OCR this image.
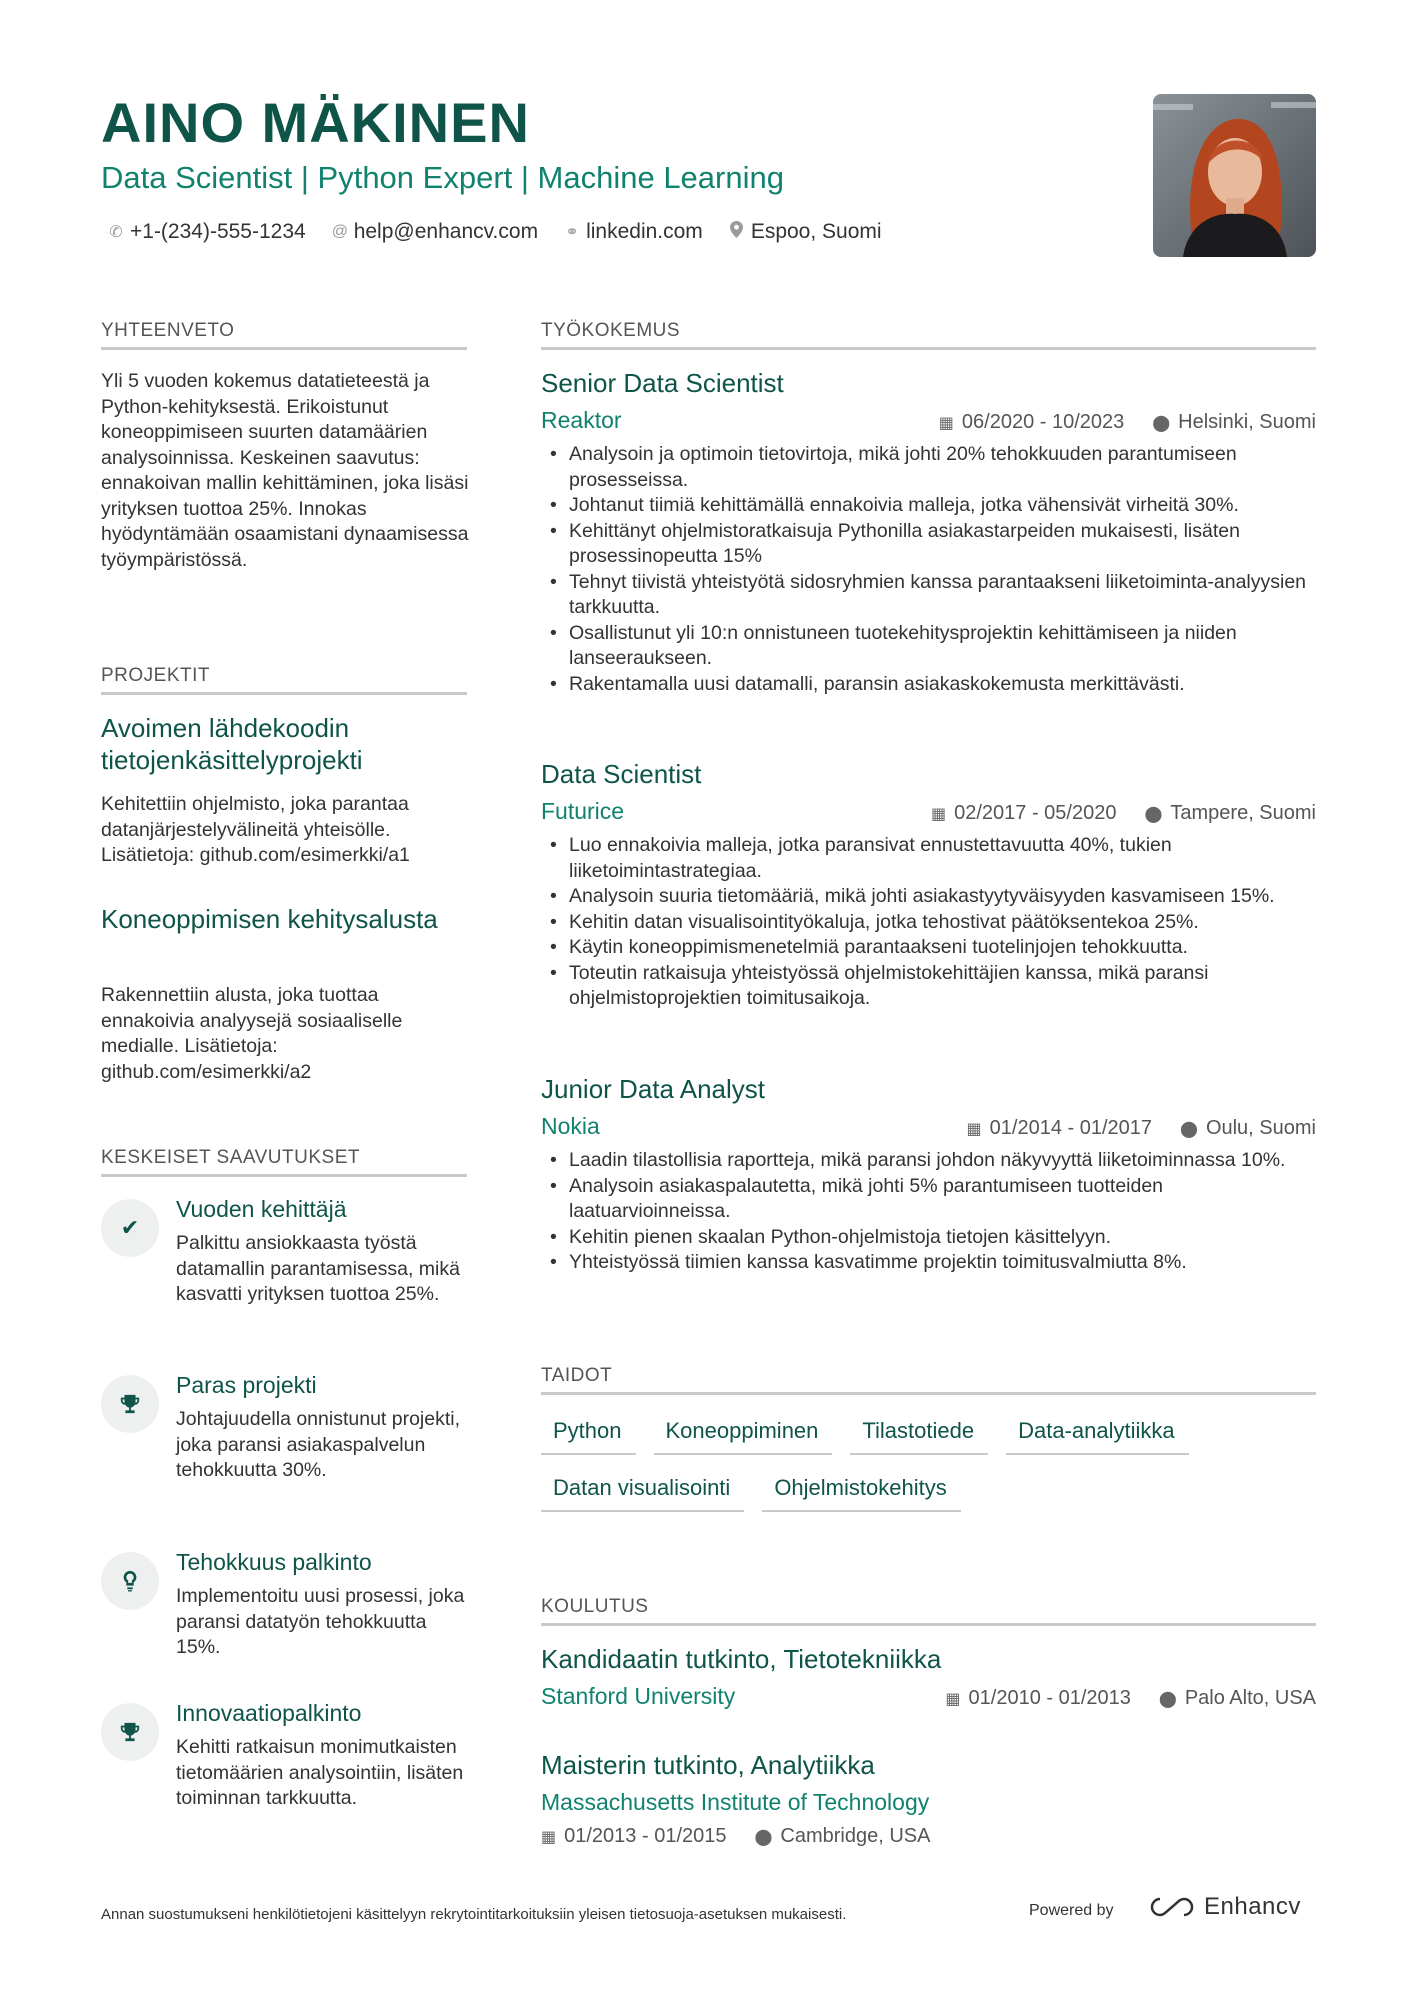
AINO MÄKINEN
Data Scientist | Python Expert | Machine Learning
✆ +1-(234)-555-1234 @ help@enhancv.com ⚭ linkedin.com Espoo, Suomi
YHTEENVETO
Yli 5 vuoden kokemus datatieteestä ja Python-kehityksestä. Erikoistunut koneoppimiseen suurten datamäärien analysoinnissa. Keskeinen saavutus: ennakoivan mallin kehittäminen, joka lisäsi yrityksen tuottoa 25%. Innokas hyödyntämään osaamistani dynaamisessa työympäristössä.
PROJEKTIT
Avoimen lähdekoodin tietojenkäsittelyprojekti
Kehitettiin ohjelmisto, joka parantaa datanjärjestelyvälineitä yhteisölle. Lisätietoja: github.com/esimerkki/a1
Koneoppimisen kehitysalusta
Rakennettiin alusta, joka tuottaa ennakoivia analyysejä sosiaaliselle medialle. Lisätietoja: github.com/esimerkki/a2
KESKEISET SAAVUTUKSET
✔
Vuoden kehittäjä
Palkittu ansiokkaasta työstä datamallin parantamisessa, mikä kasvatti yrityksen tuottoa 25%.
Paras projekti
Johtajuudella onnistunut projekti, joka paransi asiakaspalvelun tehokkuutta 30%.
Tehokkuus palkinto
Implementoitu uusi prosessi, joka paransi datatyön tehokkuutta 15%.
Innovaatiopalkinto
Kehitti ratkaisun monimutkaisten tietomäärien analysointiin, lisäten toiminnan tarkkuutta.
TYÖKOKEMUS
Senior Data Scientist
Reaktor	▦ 06/2020 - 10/2023 ⬤ Helsinki, Suomi
• Analysoin ja optimoin tietovirtoja, mikä johti 20% tehokkuuden parantumiseen prosesseissa.
• Johtanut tiimiä kehittämällä ennakoivia malleja, jotka vähensivät virheitä 30%.
• Kehittänyt ohjelmistoratkaisuja Pythonilla asiakastarpeiden mukaisesti, lisäten prosessinopeutta 15%
• Tehnyt tiivistä yhteistyötä sidosryhmien kanssa parantaakseni liiketoiminta-analyysien tarkkuutta.
• Osallistunut yli 10:n onnistuneen tuotekehitysprojektin kehittämiseen ja niiden lanseeraukseen.
• Rakentamalla uusi datamalli, paransin asiakaskokemusta merkittävästi.
Data Scientist
Futurice	▦ 02/2017 - 05/2020 ⬤ Tampere, Suomi
• Luo ennakoivia malleja, jotka paransivat ennustettavuutta 40%, tukien liiketoimintastrategiaa.
• Analysoin suuria tietomääriä, mikä johti asiakastyytyväisyyden kasvamiseen 15%.
• Kehitin datan visualisointityökaluja, jotka tehostivat päätöksentekoa 25%.
• Käytin koneoppimismenetelmiä parantaakseni tuotelinjojen tehokkuutta.
• Toteutin ratkaisuja yhteistyössä ohjelmistokehittäjien kanssa, mikä paransi ohjelmistoprojektien toimitusaikoja.
Junior Data Analyst
Nokia	▦ 01/2014 - 01/2017 ⬤ Oulu, Suomi
• Laadin tilastollisia raportteja, mikä paransi johdon näkyvyyttä liiketoiminnassa 10%.
• Analysoin asiakaspalautetta, mikä johti 5% parantumiseen tuotteiden laatuarvioinneissa.
• Kehitin pienen skaalan Python-ohjelmistoja tietojen käsittelyyn.
• Yhteistyössä tiimien kanssa kasvatimme projektin toimitusvalmiutta 8%.
TAIDOT
Python	Koneoppiminen	Tilastotiede	Data-analytiikka
Datan visualisointi	Ohjelmistokehitys
KOULUTUS
Kandidaatin tutkinto, Tietotekniikka
Stanford University	▦ 01/2010 - 01/2013 ⬤ Palo Alto, USA
Maisterin tutkinto, Analytiikka
Massachusetts Institute of Technology
▦ 01/2013 - 01/2015 ⬤ Cambridge, USA
Annan suostumukseni henkilötietojeni käsittelyyn rekrytointitarkoituksiin yleisen tietosuoja-asetuksen mukaisesti.	Powered by	Enhancv
